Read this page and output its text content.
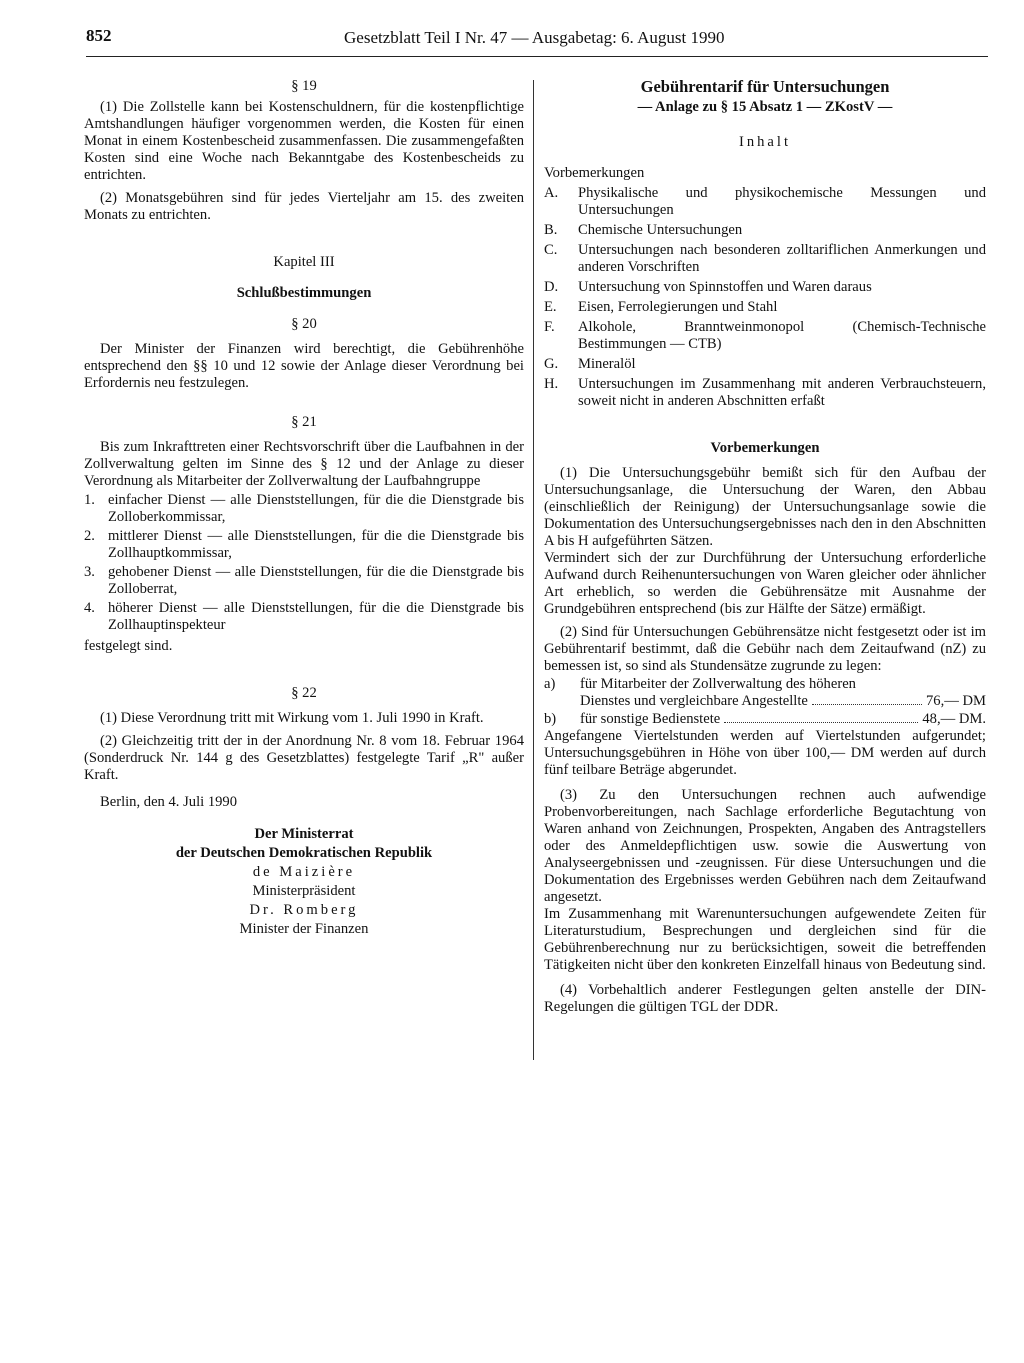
852	Gesetzblatt Teil I Nr. 47 — Ausgabetag: 6. August 1990

§ 19

(1) Die Zollstelle kann bei Kostenschuldnern, für die kostenpflichtige Amtshandlungen häufiger vorgenommen werden, die Kosten für einen Monat in einem Kostenbescheid zusammenfassen. Die zusammengefaßten Kosten sind eine Woche nach Bekanntgabe des Kostenbescheids zu entrichten.

(2) Monatsgebühren sind für jedes Vierteljahr am 15. des zweiten Monats zu entrichten.

Kapitel III

Schlußbestimmungen

§ 20

Der Minister der Finanzen wird berechtigt, die Gebührenhöhe entsprechend den §§ 10 und 12 sowie der Anlage dieser Verordnung bei Erfordernis neu festzulegen.

§ 21

Bis zum Inkrafttreten einer Rechtsvorschrift über die Laufbahnen in der Zollverwaltung gelten im Sinne des § 12 und der Anlage zu dieser Verordnung als Mitarbeiter der Zollverwaltung der Laufbahngruppe

1. einfacher Dienst — alle Dienststellungen, für die die Dienstgrade bis Zolloberkommissar,
2. mittlerer Dienst — alle Dienststellungen, für die die Dienstgrade bis Zollhauptkommissar,
3. gehobener Dienst — alle Dienststellungen, für die die Dienstgrade bis Zolloberrat,
4. höherer Dienst — alle Dienststellungen, für die die Dienstgrade bis Zollhauptinspekteur

festgelegt sind.

§ 22

(1) Diese Verordnung tritt mit Wirkung vom 1. Juli 1990 in Kraft.

(2) Gleichzeitig tritt der in der Anordnung Nr. 8 vom 18. Februar 1964 (Sonderdruck Nr. 144 g des Gesetzblattes) festgelegte Tarif „R" außer Kraft.

Berlin, den 4. Juli 1990

Der Ministerrat

der Deutschen Demokratischen Republik

de Maizière

Ministerpräsident

Dr. Romberg

Minister der Finanzen

Gebührentarif für Untersuchungen

— Anlage zu § 15 Absatz 1 — ZKostV —

Inhalt

Vorbemerkungen

A.	Physikalische und physikochemische Messungen und Untersuchungen
B.	Chemische Untersuchungen
C.	Untersuchungen nach besonderen zolltariflichen Anmerkungen und anderen Vorschriften
D.	Untersuchung von Spinnstoffen und Waren daraus
E.	Eisen, Ferrolegierungen und Stahl
F.	Alkohole, Branntweinmonopol (Chemisch-Technische Bestimmungen — CTB)
G.	Mineralöl
H.	Untersuchungen im Zusammenhang mit anderen Verbrauchsteuern, soweit nicht in anderen Abschnitten erfaßt

Vorbemerkungen

(1) Die Untersuchungsgebühr bemißt sich für den Aufbau der Untersuchungsanlage, die Untersuchung der Waren, den Abbau (einschließlich der Reinigung) der Untersuchungsanlage sowie die Dokumentation des Untersuchungsergebnisses nach den in den Abschnitten A bis H aufgeführten Sätzen.

Vermindert sich der zur Durchführung der Untersuchung erforderliche Aufwand durch Reihenuntersuchungen von Waren gleicher oder ähnlicher Art erheblich, so werden die Gebührensätze mit Ausnahme der Grundgebühren entsprechend (bis zur Hälfte der Sätze) ermäßigt.

(2) Sind für Untersuchungen Gebührensätze nicht festgesetzt oder ist im Gebührentarif bestimmt, daß die Gebühr nach dem Zeitaufwand (nZ) zu bemessen ist, so sind als Stundensätze zugrunde zu legen:

a)	für Mitarbeiter der Zollverwaltung des höheren
Dienstes und vergleichbare Angestellte	76,— DM
b)	für sonstige Bedienstete	48,— DM.

Angefangene Viertelstunden werden auf Viertelstunden aufgerundet; Untersuchungsgebühren in Höhe von über 100,— DM werden auf durch fünf teilbare Beträge abgerundet.

(3) Zu den Untersuchungen rechnen auch aufwendige Probenvorbereitungen, nach Sachlage erforderliche Begutachtung von Waren anhand von Zeichnungen, Prospekten, Angaben des Antragstellers oder des Anmeldepflichtigen usw. sowie die Auswertung von Analyseergebnissen und -zeugnissen. Für diese Untersuchungen und die Dokumentation des Ergebnisses werden Gebühren nach dem Zeitaufwand angesetzt.

Im Zusammenhang mit Warenuntersuchungen aufgewendete Zeiten für Literaturstudium, Besprechungen und dergleichen sind für die Gebührenberechnung nur zu berücksichtigen, soweit die betreffenden Tätigkeiten nicht über den konkreten Einzelfall hinaus von Bedeutung sind.

(4) Vorbehaltlich anderer Festlegungen gelten anstelle der DIN-Regelungen die gültigen TGL der DDR.
